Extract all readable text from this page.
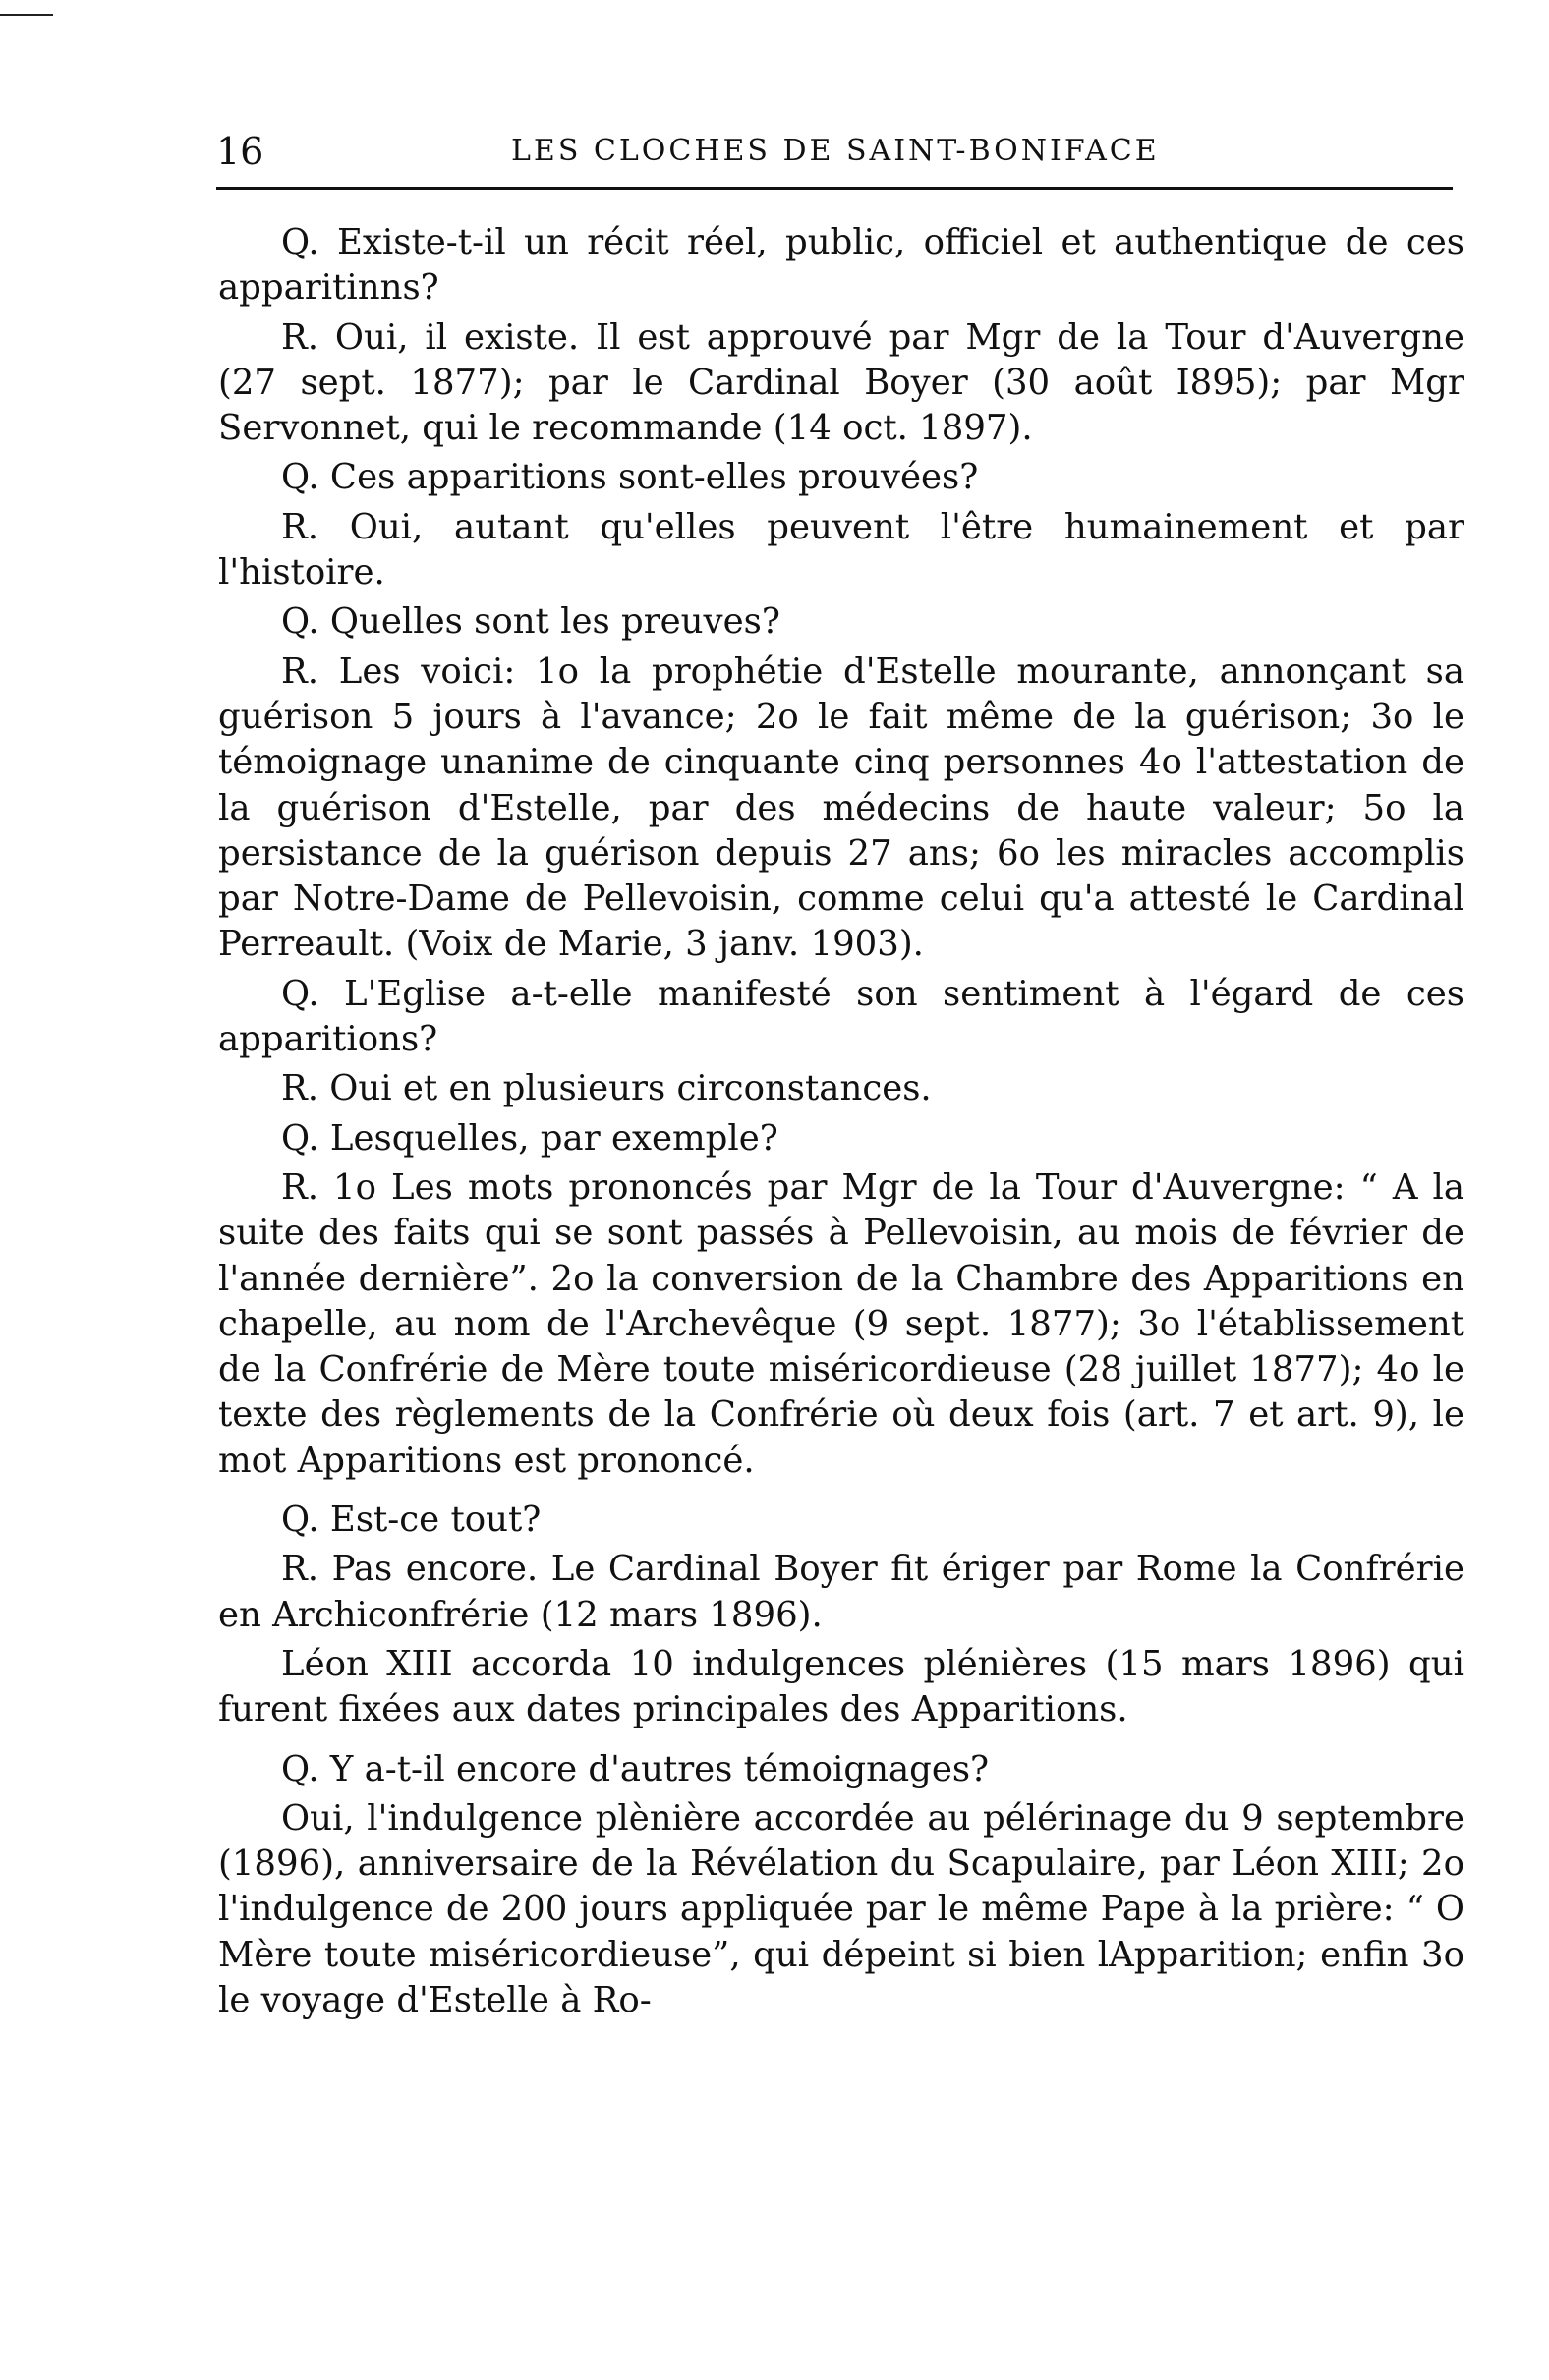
16	LES CLOCHES DE SAINT-BONIFACE

Q. Existe-t-il un récit réel, public, officiel et authentique de ces apparitinns?

R. Oui, il existe. Il est approuvé par Mgr de la Tour d'Auvergne (27 sept. 1877); par le Cardinal Boyer (30 août I895); par Mgr Servonnet, qui le recommande (14 oct. 1897).

Q. Ces apparitions sont-elles prouvées?

R. Oui, autant qu'elles peuvent l'être humainement et par l'histoire.

Q. Quelles sont les preuves?

R. Les voici: 1o la prophétie d'Estelle mourante, annonçant sa guérison 5 jours à l'avance; 2o le fait même de la guérison; 3o le témoignage unanime de cinquante cinq personnes 4o l'attestation de la guérison d'Estelle, par des médecins de haute valeur; 5o la persistance de la guérison depuis 27 ans; 6o les miracles accomplis par Notre-Dame de Pellevoisin, comme celui qu'a attesté le Cardinal Perreault. (Voix de Marie, 3 janv. 1903).

Q. L'Eglise a-t-elle manifesté son sentiment à l'égard de ces apparitions?

R. Oui et en plusieurs circonstances.

Q. Lesquelles, par exemple?

R. 1o Les mots prononcés par Mgr de la Tour d'Auvergne: “ A la suite des faits qui se sont passés à Pellevoisin, au mois de février de l'année dernière”. 2o la conversion de la Chambre des Apparitions en chapelle, au nom de l'Archevêque (9 sept. 1877); 3o l'établissement de la Confrérie de Mère toute miséricordieuse (28 juillet 1877); 4o le texte des règlements de la Confrérie où deux fois (art. 7 et art. 9), le mot Apparitions est prononcé.

Q. Est-ce tout?

R. Pas encore. Le Cardinal Boyer fit ériger par Rome la Confrérie en Archiconfrérie (12 mars 1896).

Léon XIII accorda 10 indulgences plénières (15 mars 1896) qui furent fixées aux dates principales des Apparitions.

Q. Y a-t-il encore d'autres témoignages?

Oui, l'indulgence plènière accordée au pélérinage du 9 septembre (1896), anniversaire de la Révélation du Scapulaire, par Léon XIII; 2o l'indulgence de 200 jours appliquée par le même Pape à la prière: “ O Mère toute miséricordieuse”, qui dépeint si bien lApparition; enfin 3o le voyage d'Estelle à Ro-
